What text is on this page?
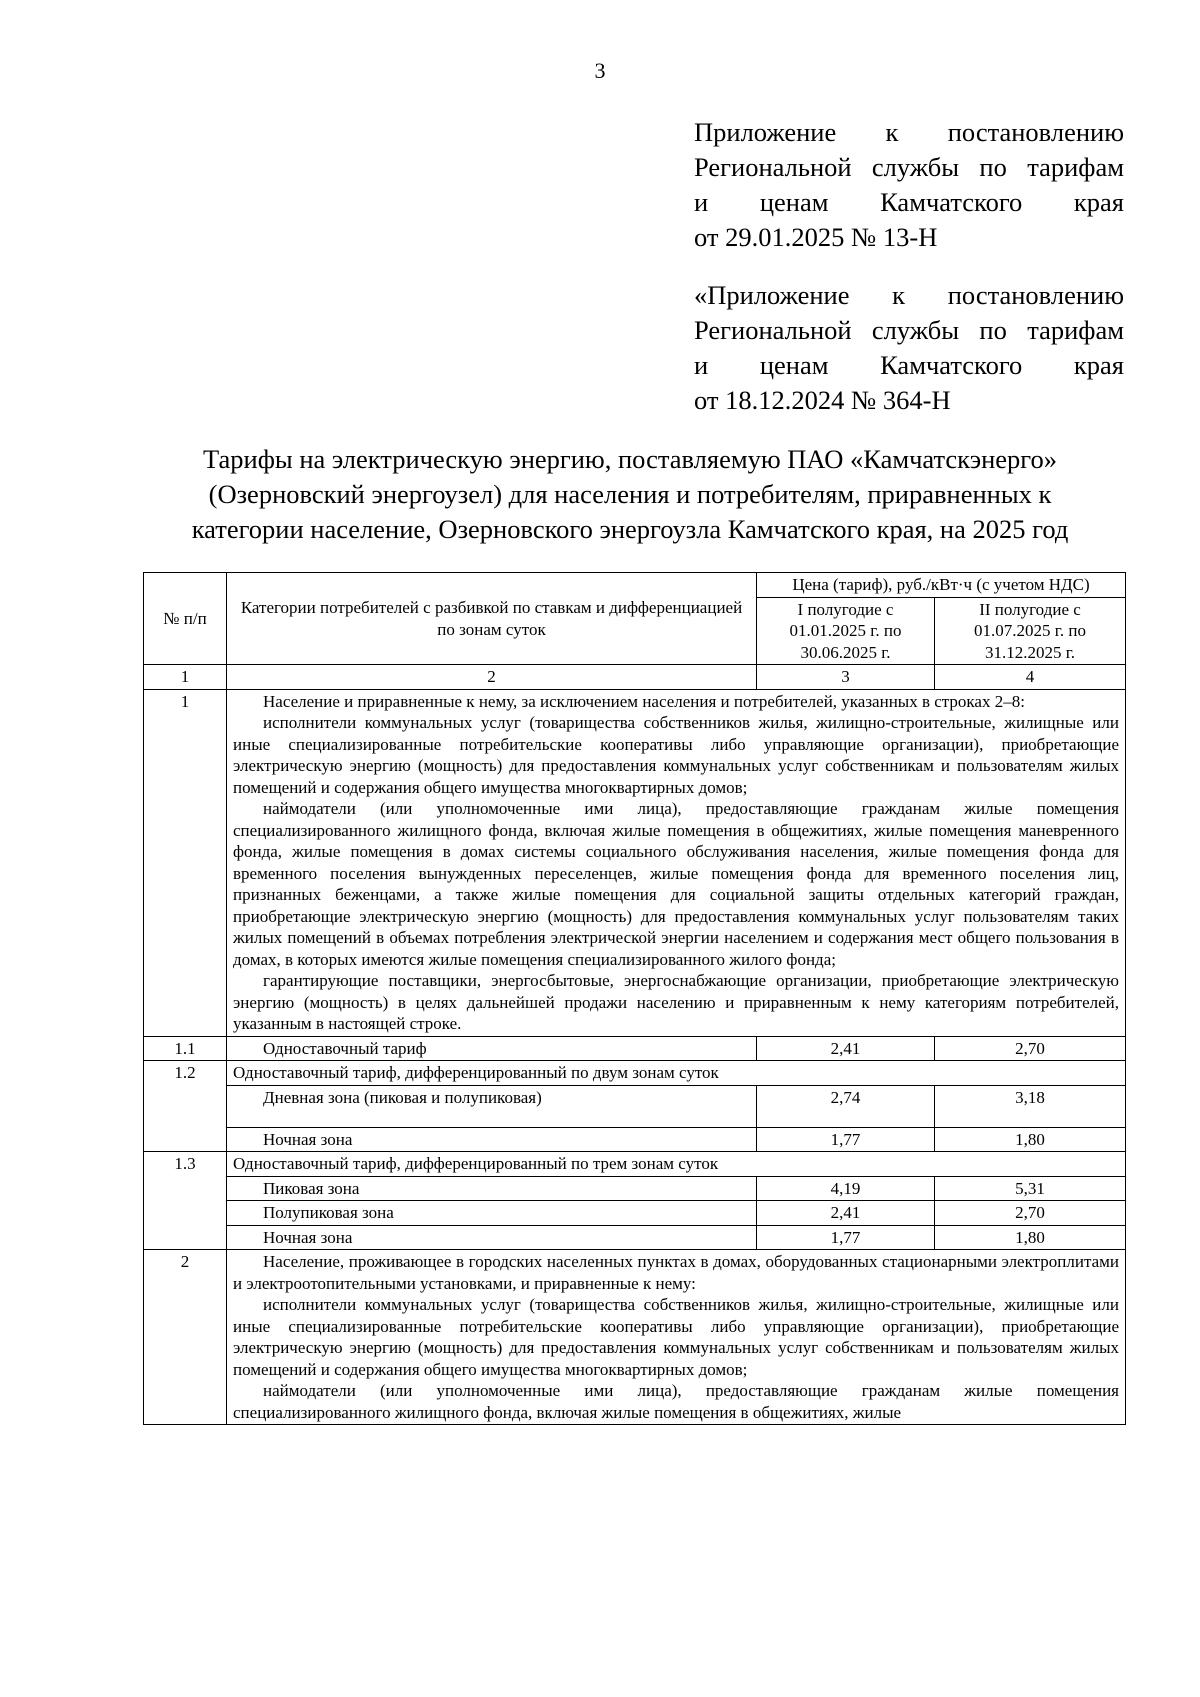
3
Приложение к постановлению
Региональной службы по тарифам
и ценам Камчатского края
от 29.01.2025 № 13-Н
«Приложение к постановлению
Региональной службы по тарифам
и ценам Камчатского края
от 18.12.2024 № 364-Н
Тарифы на электрическую энергию, поставляемую ПАО «Камчатскэнерго»
(Озерновский энергоузел) для населения и потребителям, приравненных к
категории население, Озерновского энергоузла Камчатского края, на 2025 год
№ п/п	Категории потребителей с разбивкой по ставкам и дифференциацией по зонам суток	Цена (тариф), руб./кВт·ч (с учетом НДС)	
		I полугодие с 01.01.2025 г. по 30.06.2025 г.	II полугодие с 01.07.2025 г. по 31.12.2025 г.
1	2	3	4
1	Население и приравненные к нему, за исключением населения и потребителей, указанных в строках 2–8:

исполнители коммунальных услуг (товарищества собственников жилья, жилищно-строительные, жилищные или иные специализированные потребительские кооперативы либо управляющие организации), приобретающие электрическую энергию (мощность) для предоставления коммунальных услуг собственникам и пользователям жилых помещений и содержания общего имущества многоквартирных домов;

наймодатели (или уполномоченные ими лица), предоставляющие гражданам жилые помещения специализированного жилищного фонда, включая жилые помещения в общежитиях, жилые помещения маневренного фонда, жилые помещения в домах системы социального обслуживания населения, жилые помещения фонда для временного поселения вынужденных переселенцев, жилые помещения фонда для временного поселения лиц, признанных беженцами, а также жилые помещения для социальной защиты отдельных категорий граждан, приобретающие электрическую энергию (мощность) для предоставления коммунальных услуг пользователям таких жилых помещений в объемах потребления электрической энергии населением и содержания мест общего пользования в домах, в которых имеются жилые помещения специализированного жилого фонда;

гарантирующие поставщики, энергосбытовые, энергоснабжающие организации, приобретающие электрическую энергию (мощность) в целях дальнейшей продажи населению и приравненным к нему категориям потребителей, указанным в настоящей строке.		

1.1	Одноставочный тариф	2,41	2,70
1.2	Одноставочный тариф, дифференцированный по двум зонам суток		
	Дневная зона (пиковая и полупиковая)	2,74	3,18
	Ночная зона	1,77	1,80
1.3	Одноставочный тариф, дифференцированный по трем зонам суток		
	Пиковая зона	4,19	5,31
	Полупиковая зона	2,41	2,70
	Ночная зона	1,77	1,80
2	Население, проживающее в городских населенных пунктах в домах, оборудованных стационарными электроплитами и электроотопительными установками, и приравненные к нему:

исполнители коммунальных услуг (товарищества собственников жилья, жилищно-строительные, жилищные или иные специализированные потребительские кооперативы либо управляющие организации), приобретающие электрическую энергию (мощность) для предоставления коммунальных услуг собственникам и пользователям жилых помещений и содержания общего имущества многоквартирных домов;

наймодатели (или уполномоченные ими лица), предоставляющие гражданам жилые помещения специализированного жилищного фонда, включая жилые помещения в общежитиях, жилые		
